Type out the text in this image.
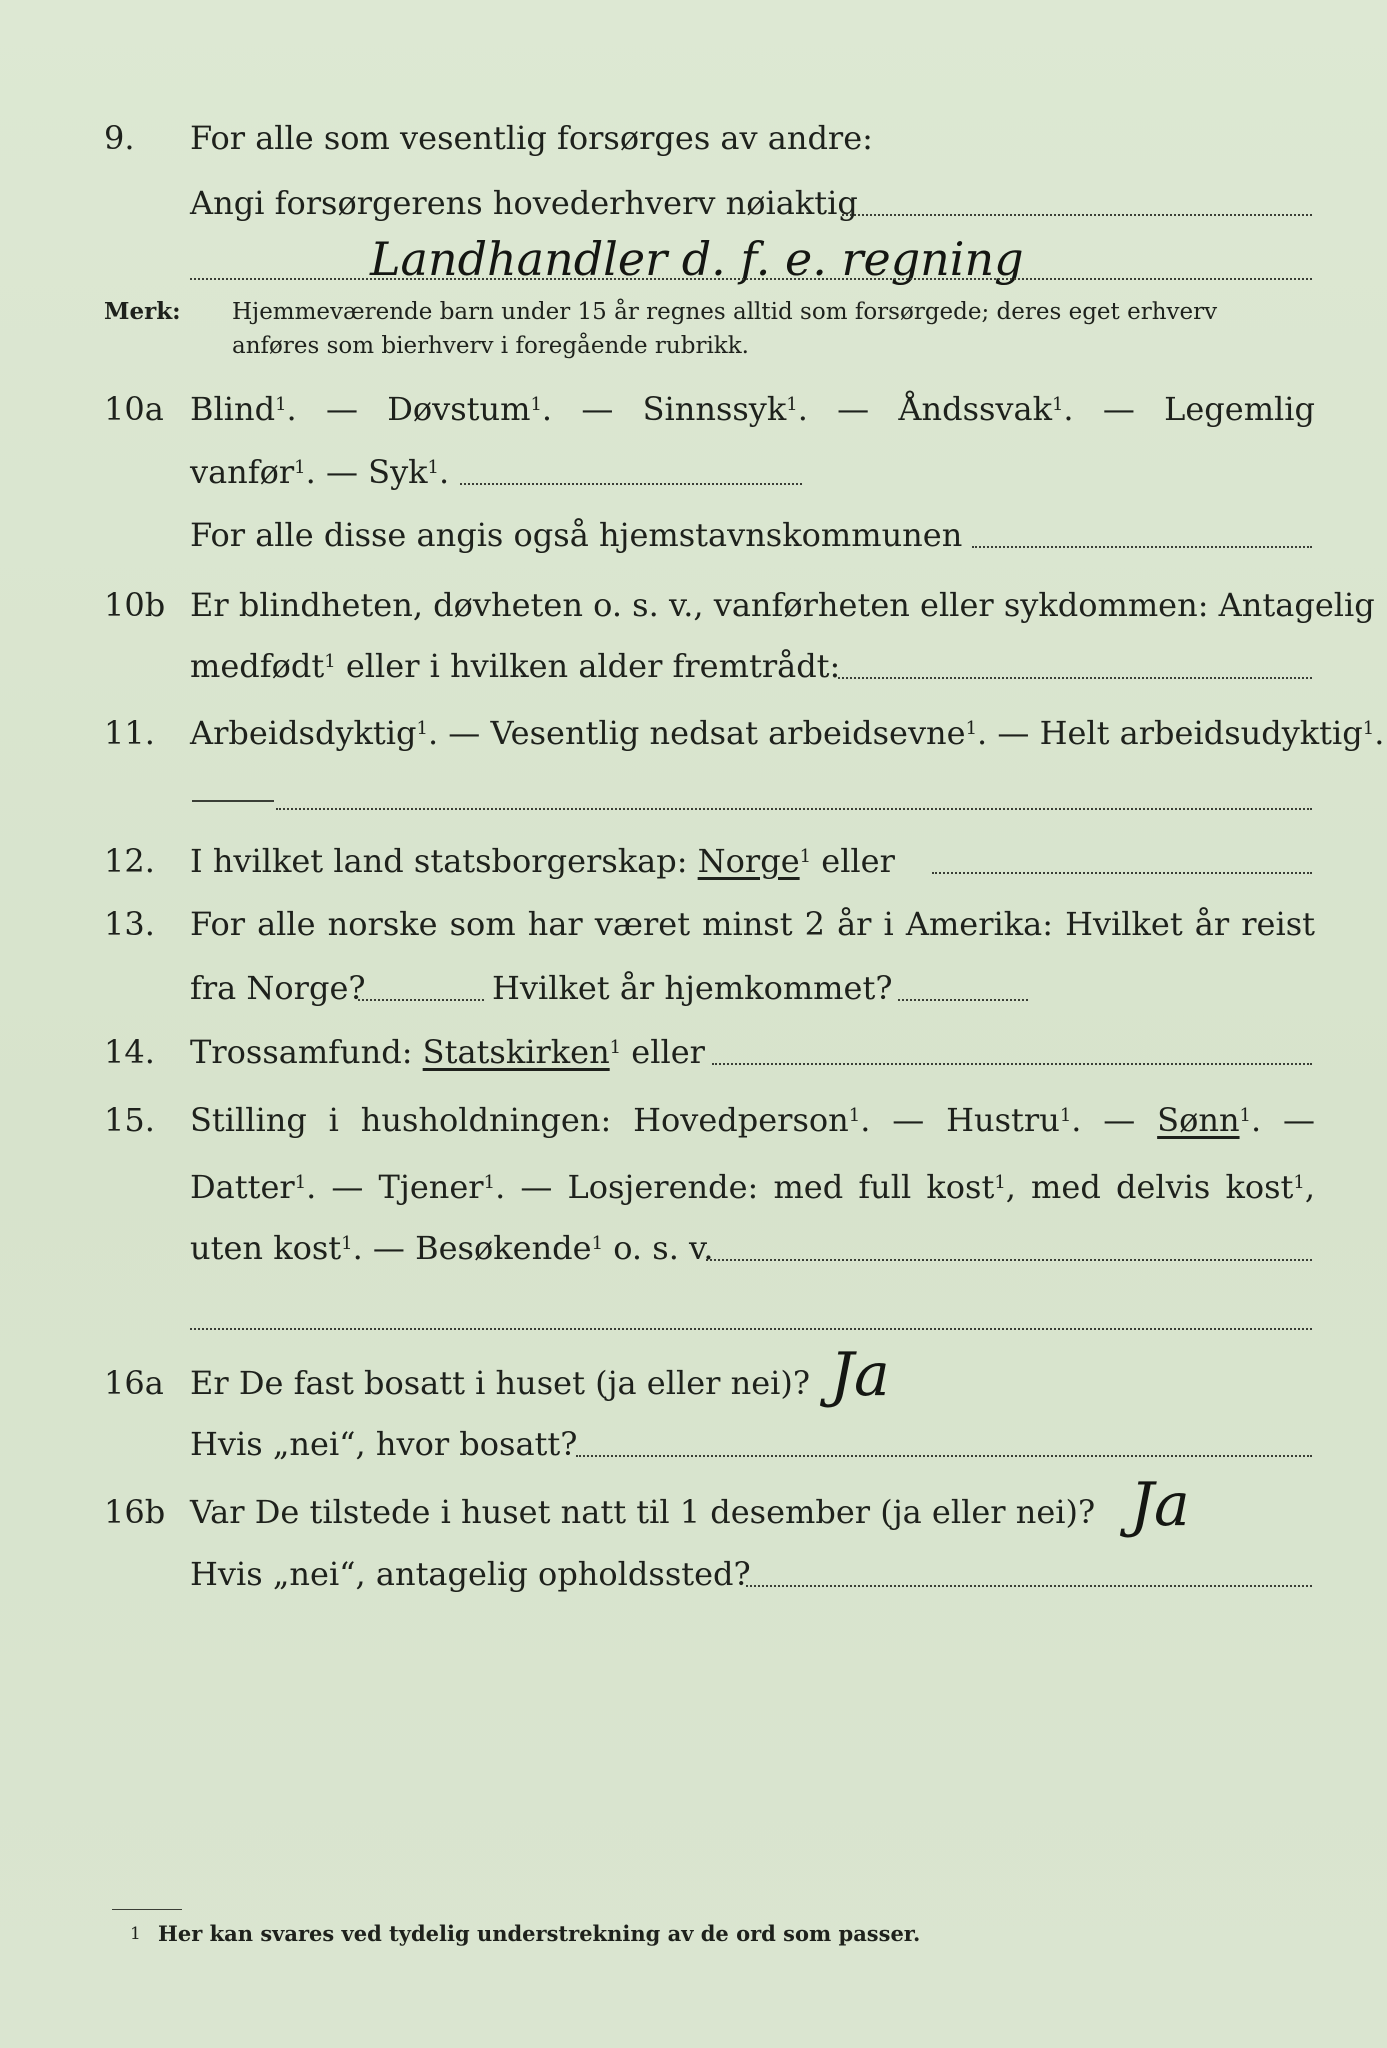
9.	For alle som vesentlig forsørges av andre:
Angi forsørgerens hovederhverv nøiaktig
Landhandler d. f. e. regning
Merk: Hjemmeværende barn under 15 år regnes alltid som forsørgede; deres eget erhverv
anføres som bierhverv i foregående rubrikk.
10a Blind$^1$. — Døvstum$^1$. — Sinnssyk$^1$. — Åndssvak$^1$. — Legemlig
vanfør$^1$. — Syk$^1$.
For alle disse angis også hjemstavnskommunen
10b Er blindheten, døvheten o. s. v., vanførheten eller sykdommen: Antagelig
medfødt$^1$ eller i hvilken alder fremtrådt:
11.	Arbeidsdyktig$^1$. — Vesentlig nedsat arbeidsevne$^1$. — Helt arbeidsudyktig$^1$.
12.	I hvilket land statsborgerskap: Norge$^1$ eller
13.	For alle norske som har været minst 2 år i Amerika: Hvilket år reist
fra Norge?	Hvilket år hjemkommet?
14.	Trossamfund: Statskirken$^1$ eller
15.	Stilling i husholdningen: Hovedperson$^1$. — Hustru$^1$. — Sønn$^1$. —
Datter$^1$. — Tjener$^1$. — Losjerende: med full kost$^1$, med delvis kost$^1$,
uten kost$^1$. — Besøkende$^1$ o. s. v.
16a Er De fast bosatt i huset (ja eller nei)? Ja
Hvis „nei“, hvor bosatt?
16b Var De tilstede i huset natt til 1 desember (ja eller nei)? Ja
Hvis „nei“, antagelig opholdssted?
1 Her kan svares ved tydelig understrekning av de ord som passer.
